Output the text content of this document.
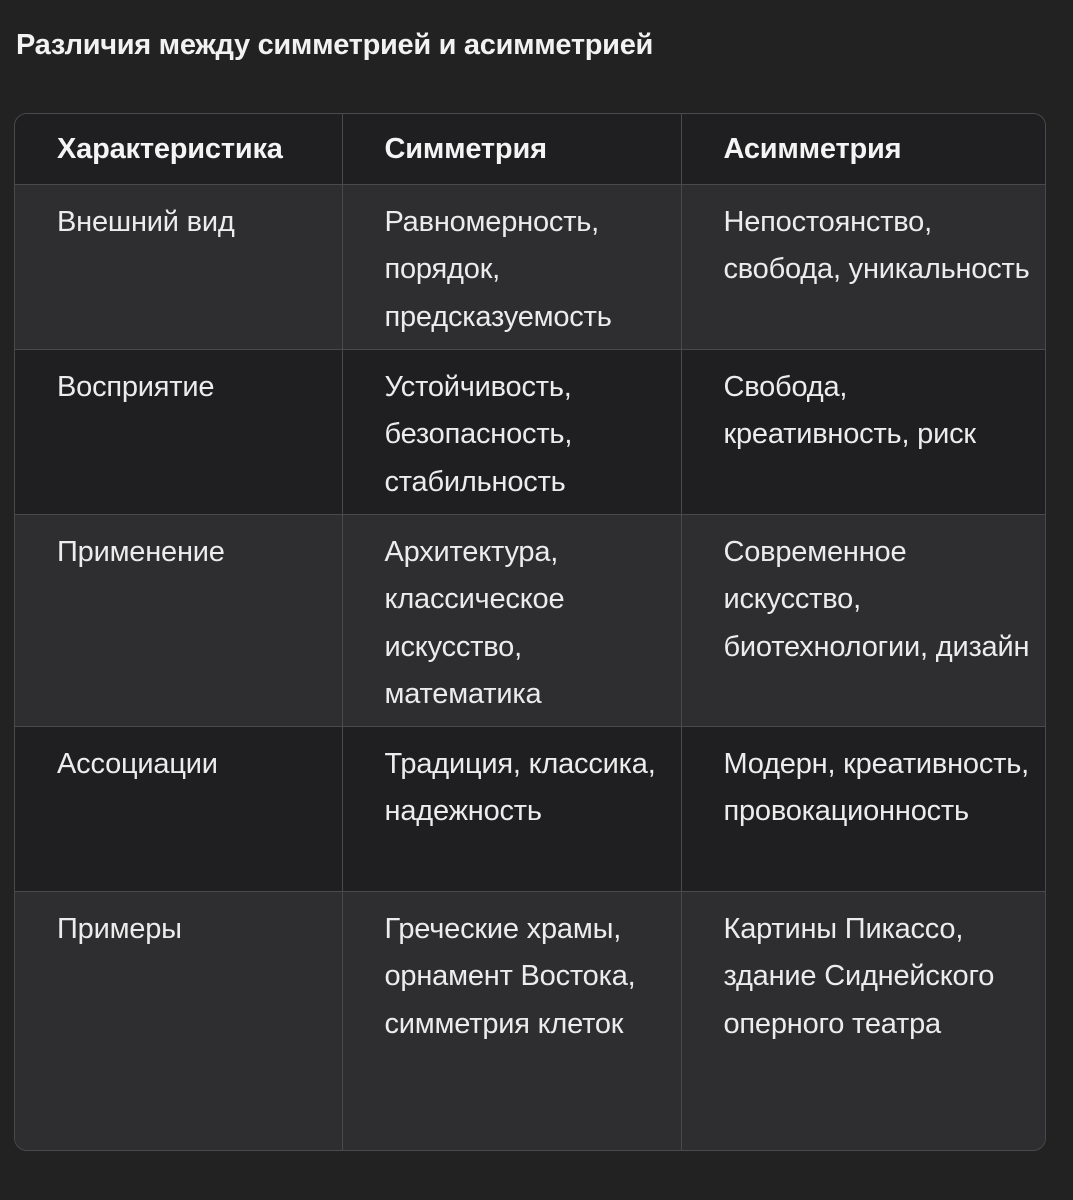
Различия между симметрией и асимметрией
Характеристика	Симметрия	Асимметрия
Внешний вид	Равномерность, порядок, предсказуемость	Непостоянство, свобода, уникальность
Восприятие	Устойчивость, безопасность, стабильность	Свобода, креативность, риск
Применение	Архитектура, классическое искусство, математика	Современное искусство, биотехнологии, дизайн
Ассоциации	Традиция, классика, надежность	Модерн, креативность, провокационность
Примеры	Греческие храмы, орнамент Востока, симметрия клеток	Картины Пикассо, здание Сиднейского оперного театра
